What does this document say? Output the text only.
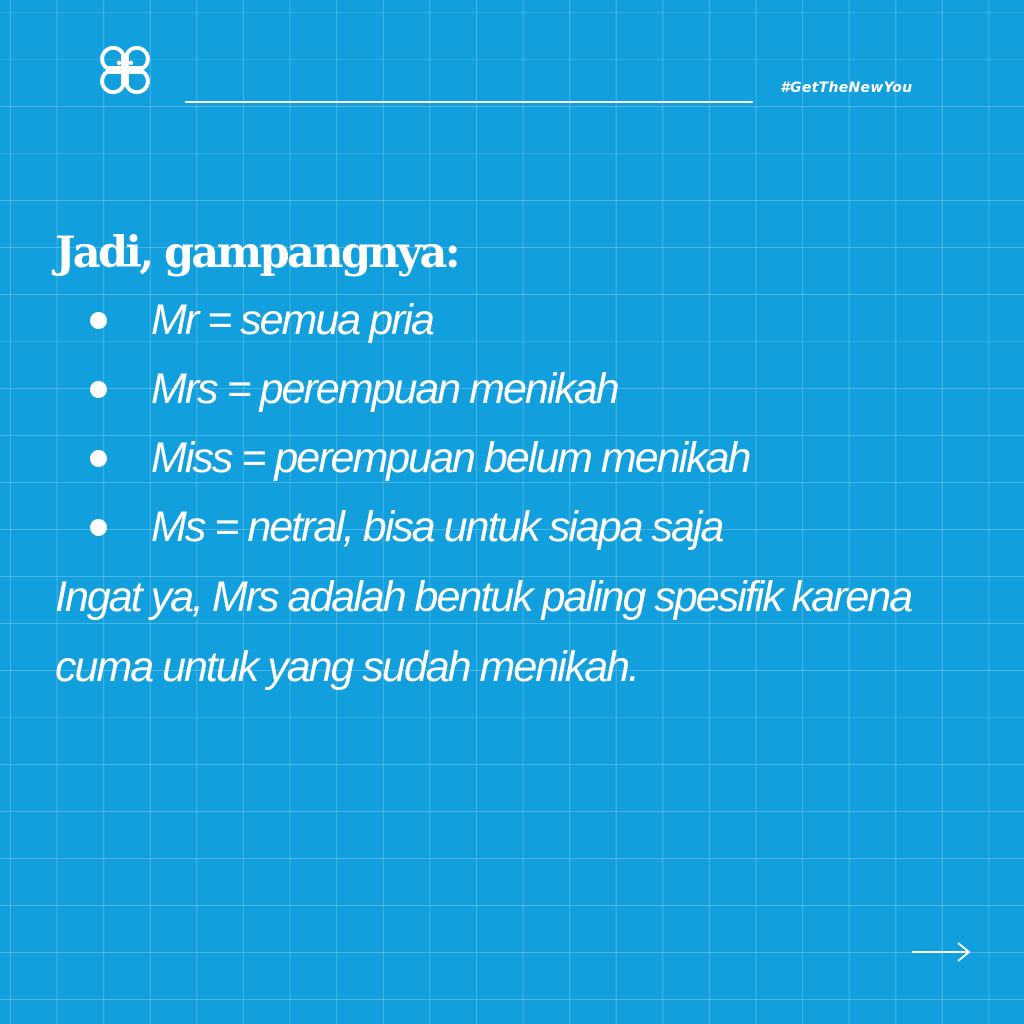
#GetTheNewYou
Jadi, gampangnya:
Mr = semua pria
Mrs = perempuan menikah
Miss = perempuan belum menikah
Ms = netral, bisa untuk siapa saja

Ingat ya, Mrs adalah bentuk paling spesifik karena cuma untuk yang sudah menikah.
